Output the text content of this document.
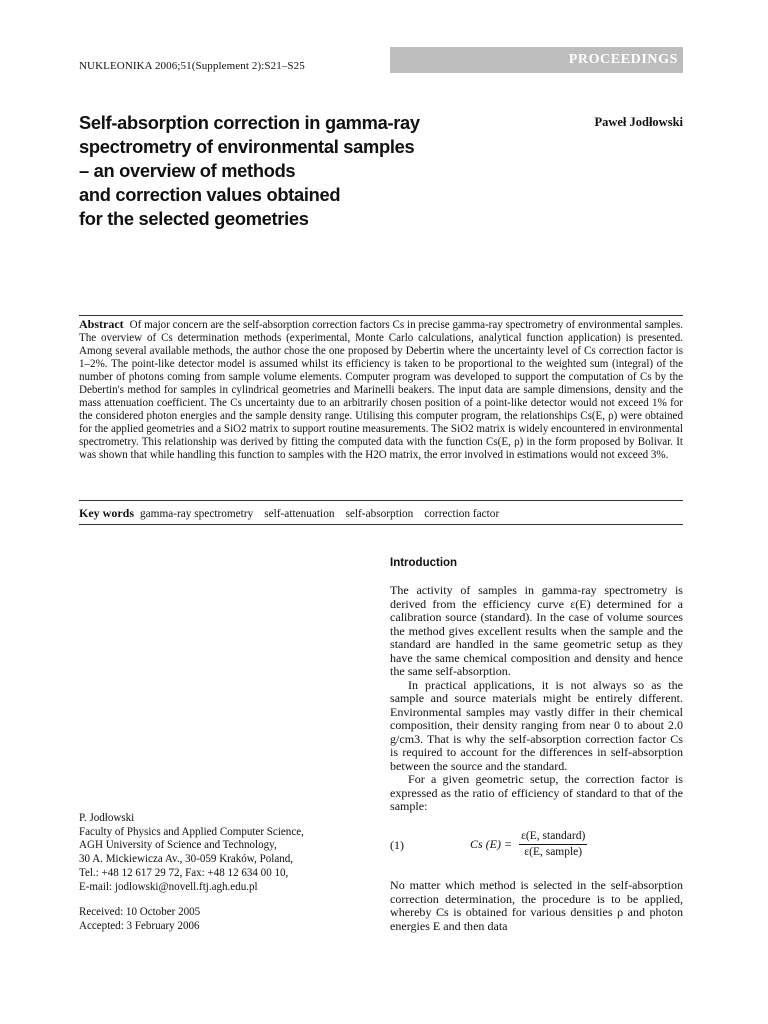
NUKLEONIKA 2006;51(Supplement 2):S21–S25	PROCEEDINGS
Self-absorption correction in gamma-ray
spectrometry of environmental samples
– an overview of methods
and correction values obtained
for the selected geometries
Paweł Jodłowski
Abstract Of major concern are the self-absorption correction factors Cs in precise gamma-ray spectrometry of environmental samples. The overview of Cs determination methods (experimental, Monte Carlo calculations, analytical function application) is presented. Among several available methods, the author chose the one proposed by Debertin where the uncertainty level of Cs correction factor is 1–2%. The point-like detector model is assumed whilst its efficiency is taken to be proportional to the weighted sum (integral) of the number of photons coming from sample volume elements. Computer program was developed to support the computation of Cs by the Debertin's method for samples in cylindrical geometries and Marinelli beakers. The input data are sample dimensions, density and the mass attenuation coefficient. The Cs uncertainty due to an arbitrarily chosen position of a point-like detector would not exceed 1% for the considered photon energies and the sample density range. Utilising this computer program, the relationships Cs(E, ρ) were obtained for the applied geometries and a SiO2 matrix to support routine measurements. The SiO2 matrix is widely encountered in environmental spectrometry. This relationship was derived by fitting the computed data with the function Cs(E, ρ) in the form proposed by Bolivar. It was shown that while handling this function to samples with the H2O matrix, the error involved in estimations would not exceed 3%.
Key words gamma-ray spectrometry self-attenuation self-absorption correction factor
Introduction

The activity of samples in gamma-ray spectrometry is derived from the efficiency curve ε(E) determined for a calibration source (standard). In the case of volume sources the method gives excellent results when the sample and the standard are handled in the same geometric setup as they have the same chemical composition and density and hence the same self-absorption.

In practical applications, it is not always so as the sample and source materials might be entirely different. Environmental samples may vastly differ in their chemical composition, their density ranging from near 0 to about 2.0 g/cm3. That is why the self-absorption correction factor Cs is required to account for the differences in self-absorption between the source and the standard.

For a given geometric setup, the correction factor is expressed as the ratio of efficiency of standard to that of the sample:

(1)	Cs $(E) = \frac{\text{ε(E, standard)}}{\text{ε(E, sample)}}$

No matter which method is selected in the self-absorption correction determination, the procedure is to be applied, whereby Cs is obtained for various densities ρ and photon energies E and then data

P. Jodłowski
Faculty of Physics and Applied Computer Science,
AGH University of Science and Technology,
30 A. Mickiewicza Av., 30-059 Kraków, Poland,
Tel.: +48 12 617 29 72, Fax: +48 12 634 00 10,
E-mail: jodlowski@novell.ftj.agh.edu.pl
Received: 10 October 2005
Accepted: 3 February 2006
